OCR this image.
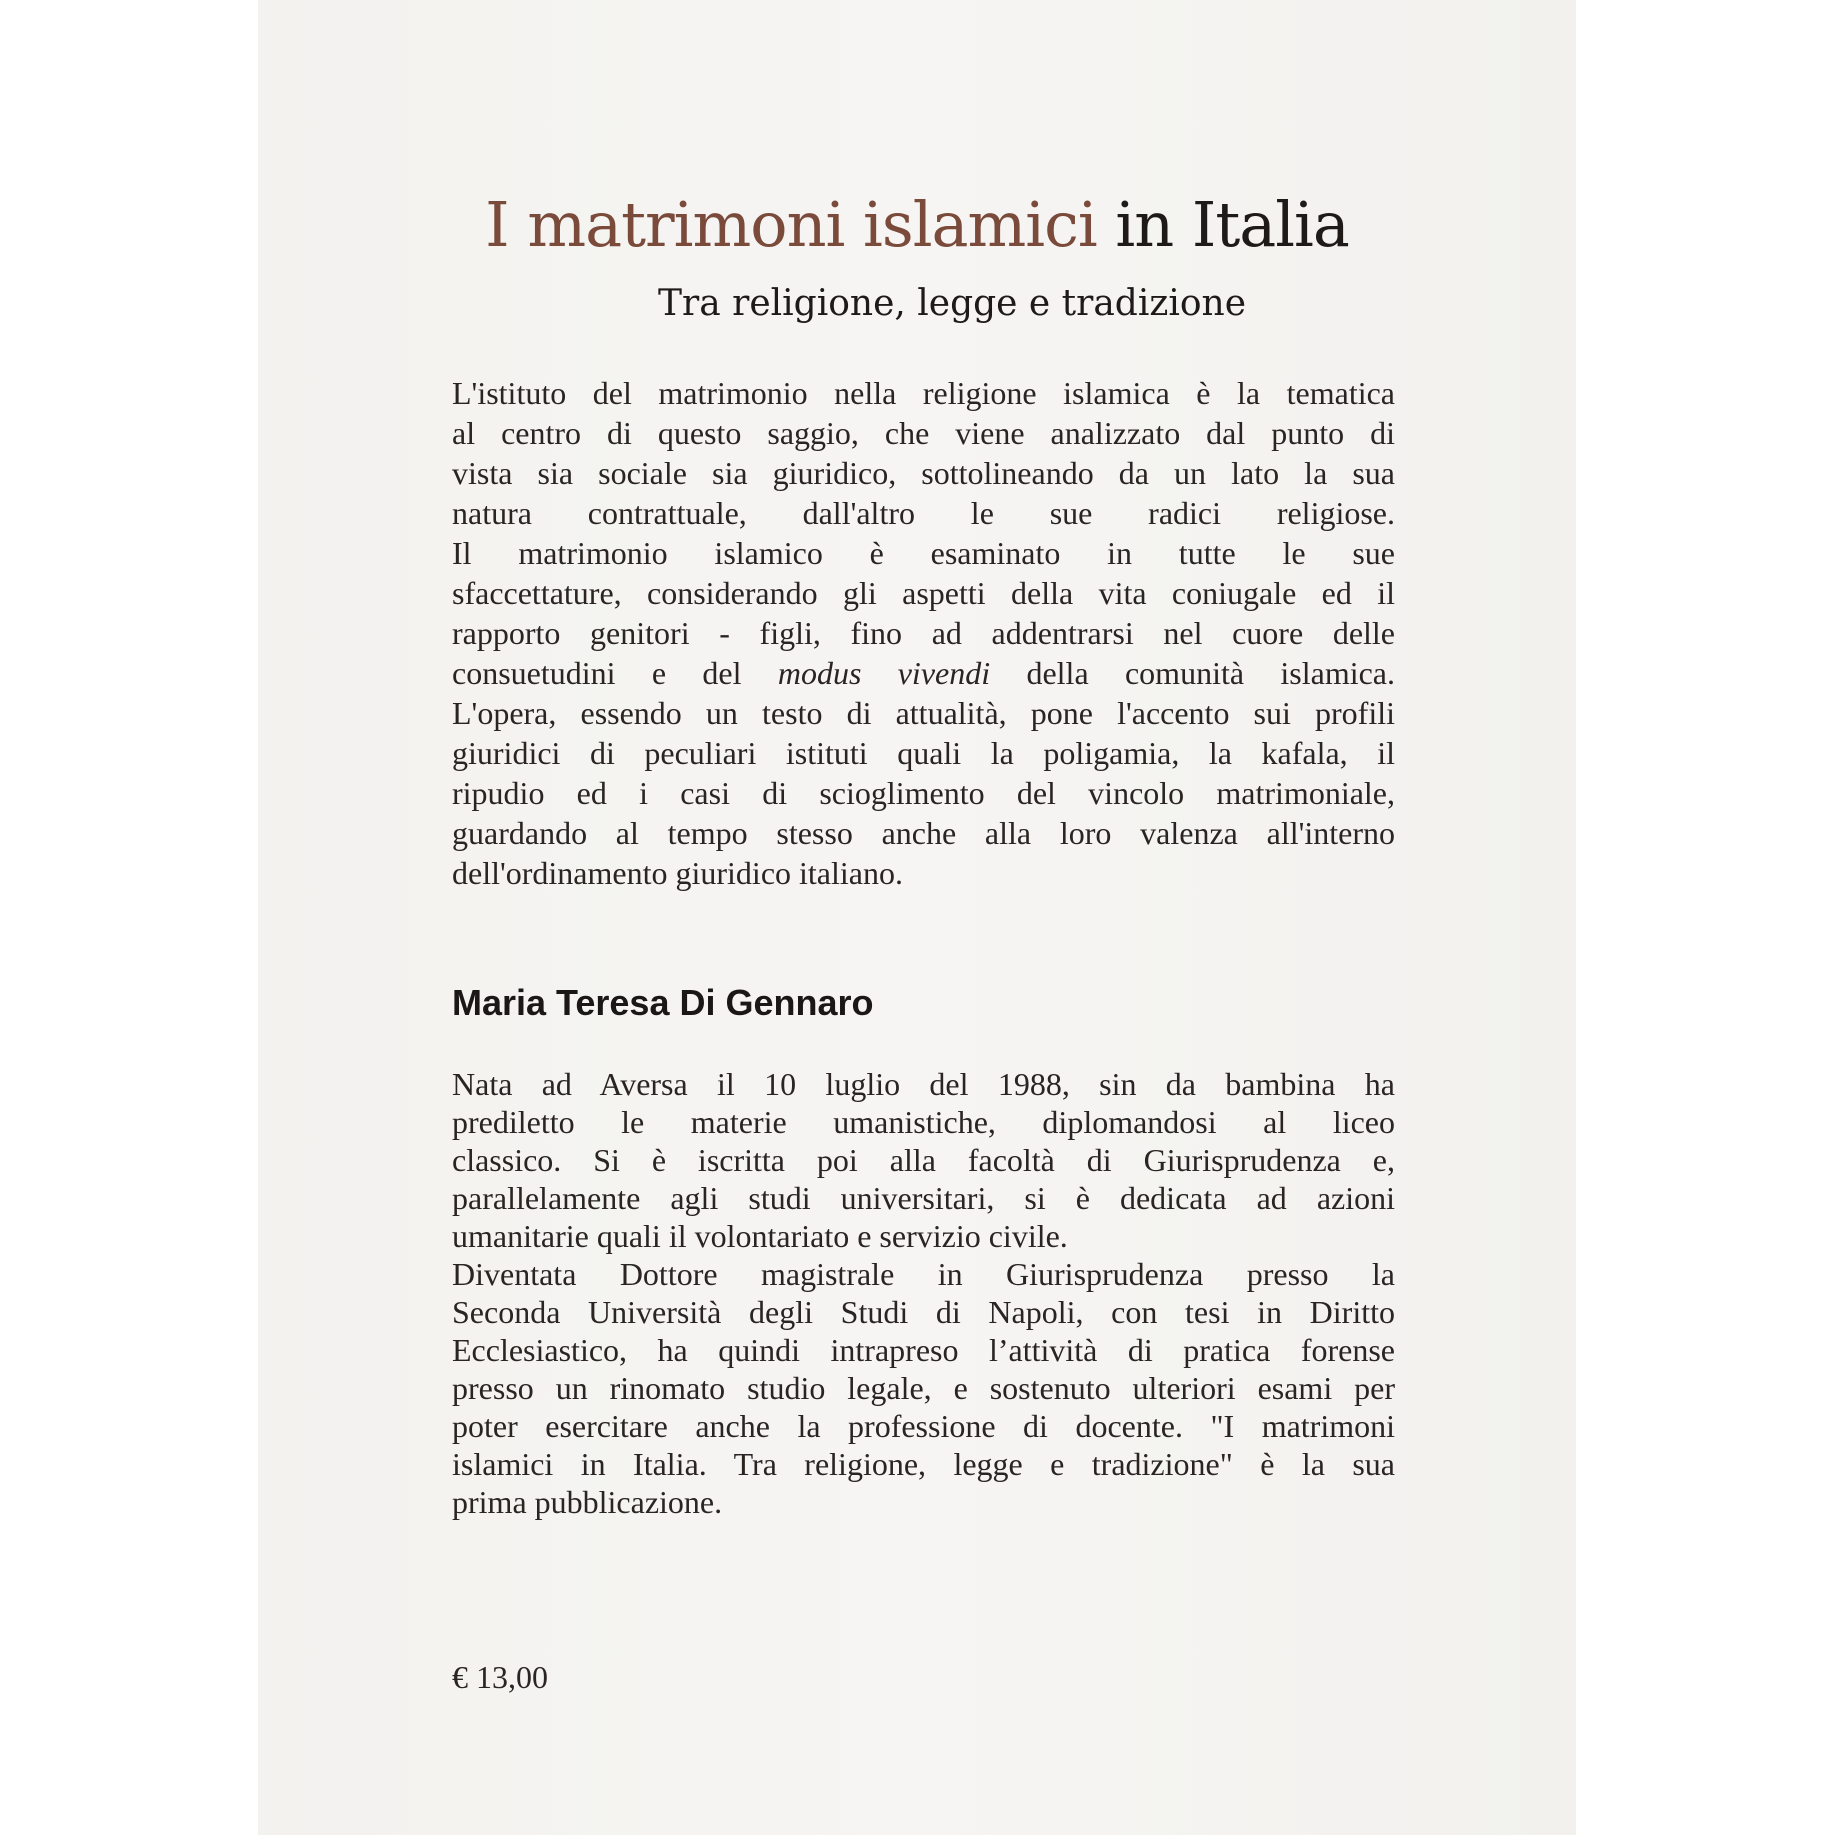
I matrimoni islamici in Italia
Tra religione, legge e tradizione
L'istituto del matrimonio nella religione islamica è la tematica
al centro di questo saggio, che viene analizzato dal punto di
vista sia sociale sia giuridico, sottolineando da un lato la sua
natura contrattuale, dall'altro le sue radici religiose.
Il matrimonio islamico è esaminato in tutte le sue
sfaccettature, considerando gli aspetti della vita coniugale ed il
rapporto genitori - figli, fino ad addentrarsi nel cuore delle
consuetudini e del modus vivendi della comunità islamica.
L'opera, essendo un testo di attualità, pone l'accento sui profili
giuridici di peculiari istituti quali la poligamia, la kafala, il
ripudio ed i casi di scioglimento del vincolo matrimoniale,
guardando al tempo stesso anche alla loro valenza all'interno
dell'ordinamento giuridico italiano.
Maria Teresa Di Gennaro
Nata ad Aversa il 10 luglio del 1988, sin da bambina ha
prediletto le materie umanistiche, diplomandosi al liceo
classico. Si è iscritta poi alla facoltà di Giurisprudenza e,
parallelamente agli studi universitari, si è dedicata ad azioni
umanitarie quali il volontariato e servizio civile.
Diventata Dottore magistrale in Giurisprudenza presso la
Seconda Università degli Studi di Napoli, con tesi in Diritto
Ecclesiastico, ha quindi intrapreso l’attività di pratica forense
presso un rinomato studio legale, e sostenuto ulteriori esami per
poter esercitare anche la professione di docente. "I matrimoni
islamici in Italia. Tra religione, legge e tradizione" è la sua
prima pubblicazione.
€ 13,00
